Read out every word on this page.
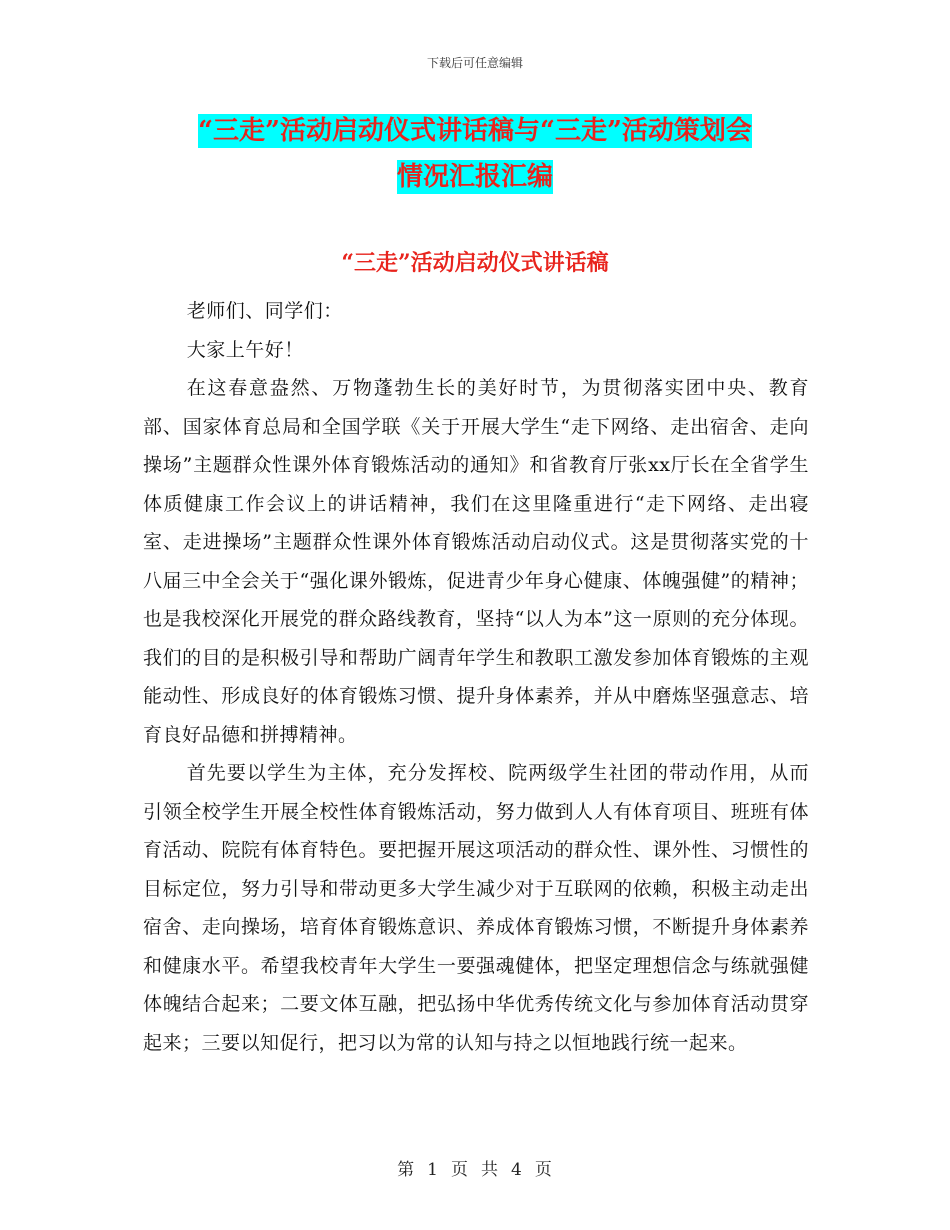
下载后可任意编辑
“三走”活动启动仪式讲话稿与“三走”活动策划会
情况汇报汇编
“三走”活动启动仪式讲话稿

老师们、同学们：

大家上午好！

在这春意盎然、万物蓬勃生长的美好时节，为贯彻落实团中央、教育部、国家体育总局和全国学联《关于开展大学生“走下网络、走出宿舍、走向操场”主题群众性课外体育锻炼活动的通知》和省教育厅张xx厅长在全省学生体质健康工作会议上的讲话精神，我们在这里隆重进行“走下网络、走出寝室、走进操场”主题群众性课外体育锻炼活动启动仪式。这是贯彻落实党的十八届三中全会关于“强化课外锻炼，促进青少年身心健康、体魄强健”的精神；也是我校深化开展党的群众路线教育，坚持“以人为本”这一原则的充分体现。我们的目的是积极引导和帮助广阔青年学生和教职工激发参加体育锻炼的主观能动性、形成良好的体育锻炼习惯、提升身体素养，并从中磨炼坚强意志、培育良好品德和拼搏精神。

首先要以学生为主体，充分发挥校、院两级学生社团的带动作用，从而引领全校学生开展全校性体育锻炼活动，努力做到人人有体育项目、班班有体育活动、院院有体育特色。要把握开展这项活动的群众性、课外性、习惯性的目标定位，努力引导和带动更多大学生减少对于互联网的依赖，积极主动走出宿舍、走向操场，培育体育锻炼意识、养成体育锻炼习惯，不断提升身体素养和健康水平。希望我校青年大学生一要强魂健体，把坚定理想信念与练就强健体魄结合起来；二要文体互融，把弘扬中华优秀传统文化与参加体育活动贯穿起来；三要以知促行，把习以为常的认知与持之以恒地践行统一起来。

第 1 页 共 4 页
